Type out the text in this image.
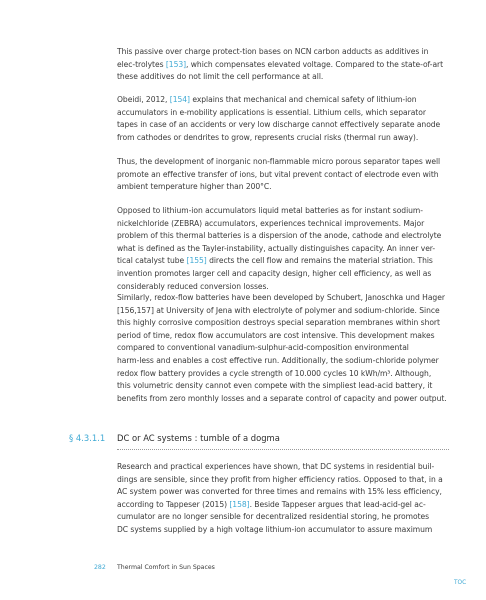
This passive over charge protect-tion bases on NCN carbon adducts as additives in
elec-trolytes [153], which compensates elevated voltage. Compared to the state-of-art
these additives do not limit the cell performance at all.
Obeidi, 2012, [154] explains that mechanical and chemical safety of lithium-ion
accumulators in e-mobility applications is essential. Lithium cells, which separator
tapes in case of an accidents or very low discharge cannot effectively separate anode
from cathodes or dendrites to grow, represents crucial risks (thermal run away).
Thus, the development of inorganic non-flammable micro porous separator tapes well
promote an effective transfer of ions, but vital prevent contact of electrode even with
ambient temperature higher than 200°C.
Opposed to lithium-ion accumulators liquid metal batteries as for instant sodium-
nickelchloride (ZEBRA) accumulators, experiences technical improvements. Major
problem of this thermal batteries is a dispersion of the anode, cathode and electrolyte
what is defined as the Tayler-instability, actually distinguishes capacity. An inner ver-
tical catalyst tube [155] directs the cell flow and remains the material striation. This
invention promotes larger cell and capacity design, higher cell efficiency, as well as
considerably reduced conversion losses.
Similarly, redox-flow batteries have been developed by Schubert, Janoschka und Hager
[156,157] at University of Jena with electrolyte of polymer and sodium-chloride. Since
this highly corrosive composition destroys special separation membranes within short
period of time, redox flow accumulators are cost intensive. This development makes
compared to conventional vanadium-sulphur-acid-composition environmental
harm-less and enables a cost effective run. Additionally, the sodium-chloride polymer
redox flow battery provides a cycle strength of 10.000 cycles 10 kWh/m³. Although,
this volumetric density cannot even compete with the simpliest lead-acid battery, it
benefits from zero monthly losses and a separate control of capacity and power output.
§ 4.3.1.1 DC or AC systems : tumble of a dogma
Research and practical experiences have shown, that DC systems in residential buil-
dings are sensible, since they profit from higher efficiency ratios. Opposed to that, in a
AC system power was converted for three times and remains with 15% less efficiency,
according to Tappeser (2015) [158]. Beside Tappeser argues that lead-acid-gel ac-
cumulator are no longer sensible for decentralized residential storing, he promotes
DC systems supplied by a high voltage lithium-ion accumulator to assure maximum
282 Thermal Comfort in Sun Spaces
TOC
